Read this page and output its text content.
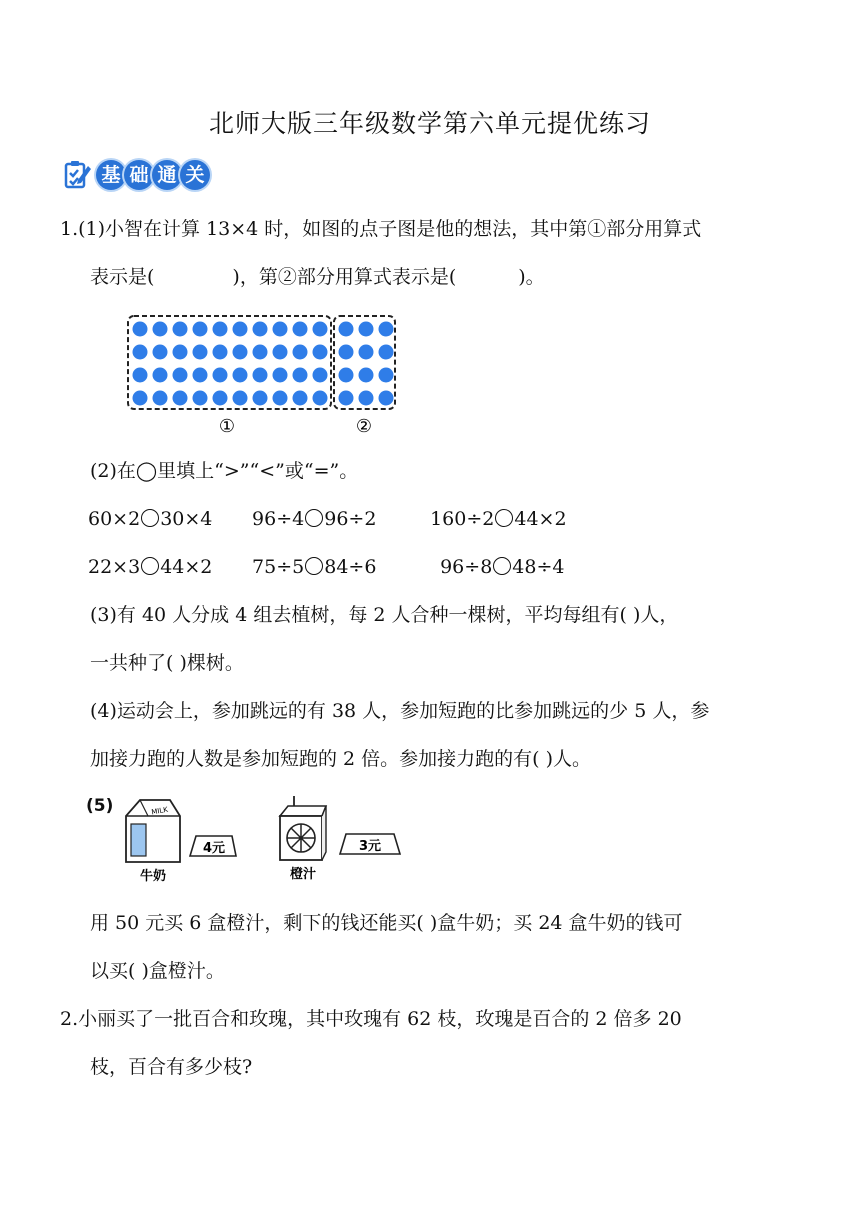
北师大版三年级数学第六单元提优练习
基 础 通 关
1.(1)小智在计算 13×4 时，如图的点子图是他的想法，其中第①部分用算式
表示是(	)，第②部分用算式表示是(	)。
①	②
(2)在◯里填上“>”“<”或“=”。
60×2 30×4 96÷4 96÷2	160÷2 44×2
22×3 44×2 75÷5 84÷6	96÷8 48÷4
(3)有 40 人分成 4 组去植树，每 2 人合种一棵树，平均每组有( )人，
一共种了( )棵树。
(4)运动会上，参加跳远的有 38 人，参加短跑的比参加跳远的少 5 人，参
加接力跑的人数是参加短跑的 2 倍。参加接力跑的有( )人。
(5)	MILK
4元
牛奶
3元
橙汁
用 50 元买 6 盒橙汁，剩下的钱还能买( )盒牛奶；买 24 盒牛奶的钱可
以买( )盒橙汁。
2.小丽买了一批百合和玫瑰，其中玫瑰有 62 枝，玫瑰是百合的 2 倍多 20
枝，百合有多少枝?
